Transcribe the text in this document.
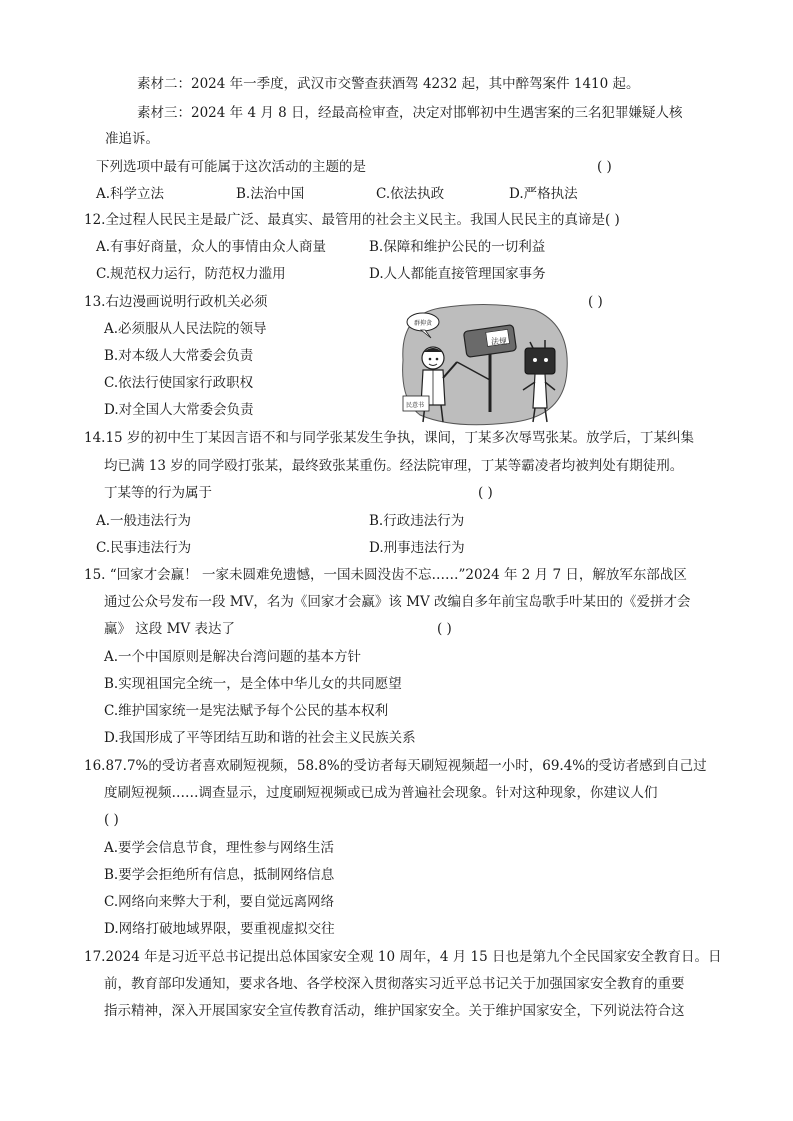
素材二：2024 年一季度，武汉市交警查获酒驾 4232 起，其中醉驾案件 1410 起。
素材三：2024 年 4 月 8 日，经最高检审查，决定对邯郸初中生遇害案的三名犯罪嫌疑人核
准追诉。
下列选项中最有可能属于这次活动的主题的是	( )
A.科学立法	B.法治中国	C.依法执政	D.严格执法
12.全过程人民民主是最广泛、最真实、最管用的社会主义民主。我国人民民主的真谛是( )
A.有事好商量，众人的事情由众人商量	B.保障和维护公民的一切利益
C.规范权力运行，防范权力滥用	D.人人都能直接管理国家事务
13.右边漫画说明行政机关必须	( )
A.必须服从人民法院的领导
B.对本级人大常委会负责
C.依法行使国家行政职权
D.对全国人大常委会负责
群抑贪
法规
民意书
14.15 岁的初中生丁某因言语不和与同学张某发生争执，课间，丁某多次辱骂张某。放学后，丁某纠集
均已满 13 岁的同学殴打张某，最终致张某重伤。经法院审理，丁某等霸凌者均被判处有期徒刑。
丁某等的行为属于	( )
A.一般违法行为	B.行政违法行为
C.民事违法行为	D.刑事违法行为
15. “回家才会赢！ 一家未圆难免遗憾，一国未圆没齿不忘……”2024 年 2 月 7 日，解放军东部战区
通过公众号发布一段 MV，名为《回家才会赢》该 MV 改编自多年前宝岛歌手叶某田的《爱拼才会
赢》 这段 MV 表达了	( )
A.一个中国原则是解决台湾问题的基本方针
B.实现祖国完全统一，是全体中华儿女的共同愿望
C.维护国家统一是宪法赋予每个公民的基本权利
D.我国形成了平等团结互助和谐的社会主义民族关系
16.87.7%的受访者喜欢刷短视频，58.8%的受访者每天刷短视频超一小时，69.4%的受访者感到自己过
度刷短视频……调查显示，过度刷短视频或已成为普遍社会现象。针对这种现象，你建议人们
( )
A.要学会信息节食，理性参与网络生活
B.要学会拒绝所有信息，抵制网络信息
C.网络向来弊大于利，要自觉远离网络
D.网络打破地域界限，要重视虚拟交往
17.2024 年是习近平总书记提出总体国家安全观 10 周年，4 月 15 日也是第九个全民国家安全教育日。日
前，教育部印发通知，要求各地、各学校深入贯彻落实习近平总书记关于加强国家安全教育的重要
指示精神，深入开展国家安全宣传教育活动，维护国家安全。关于维护国家安全，下列说法符合这
